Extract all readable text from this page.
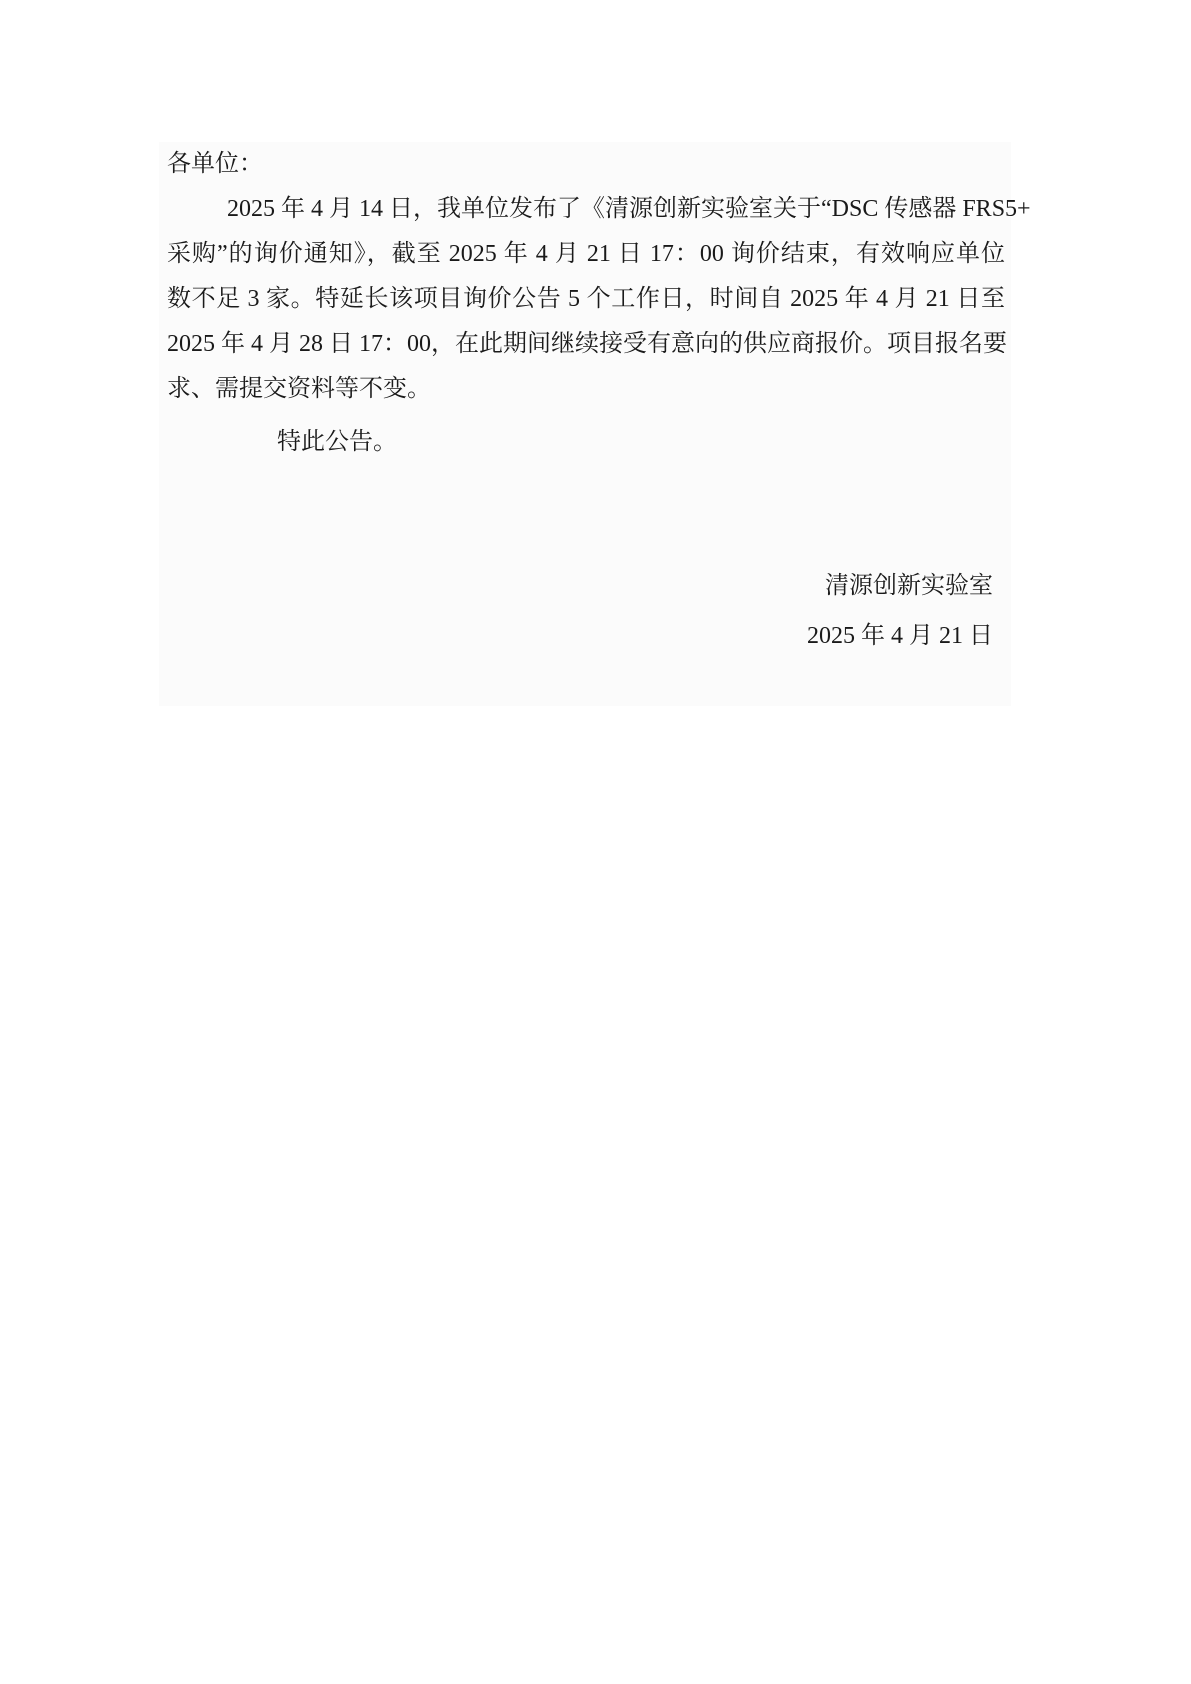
各单位：

2025 年 4 月 14 日，我单位发布了《清源创新实验室关于“DSC 传感器 FRS5+

采购”的询价通知》，截至 2025 年 4 月 21 日 17：00 询价结束，有效响应单位

数不足 3 家。特延长该项目询价公告 5 个工作日，时间自 2025 年 4 月 21 日至

2025 年 4 月 28 日 17：00，在此期间继续接受有意向的供应商报价。项目报名要

求、需提交资料等不变。

特此公告。

清源创新实验室

2025 年 4 月 21 日
